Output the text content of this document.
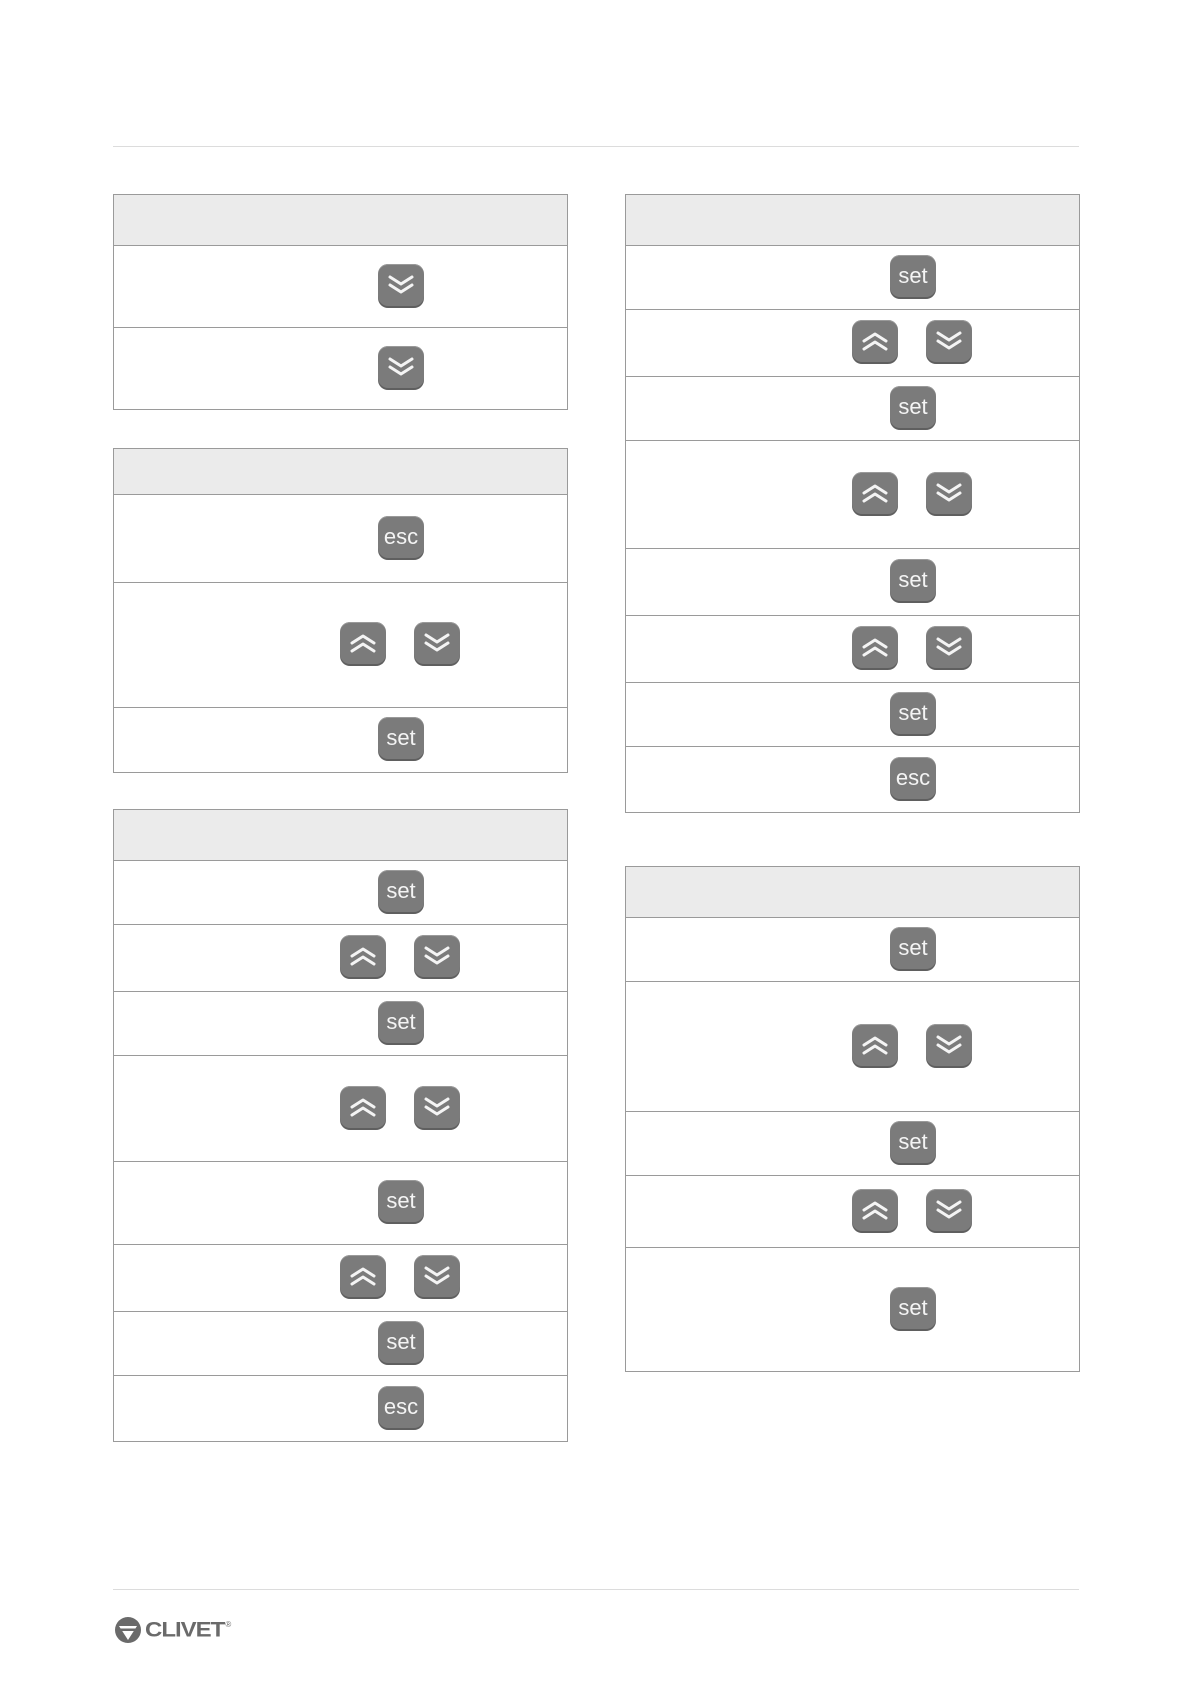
esc
set
set
set
set
set
esc
set
set
set
set
esc
set
set
set
CLIVET ®
